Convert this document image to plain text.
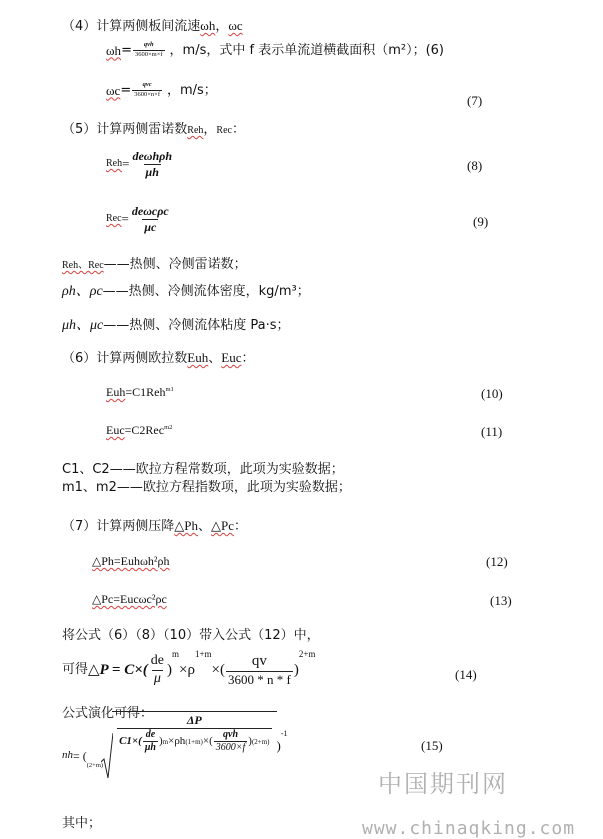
（4）计算两侧板间流速ωh，ωc
$\omega h = \frac{\text{qvh}}{3600\times m\times f}$ ，m/s，式中 f 表示单流道横截面积（m²）；(6)
$\omega c = \frac{\text{qvc}}{3600\times n\times f}$ ，m/s；
(7)
（5）计算两侧雷诺数Reh，Rec：
Reh = $\frac{\text{deωhρh}}{\mu h}$	(8)
Rec = $\frac{\text{deωcρc}}{\mu c}$	(9)
Reh、Rec——热侧、冷侧雷诺数；
ρh、ρc——热侧、冷侧流体密度，kg/m³；
μh、μc——热侧、冷侧流体粘度 Pa·s；
（6）计算两侧欧拉数Euh、Euc：
Euh=C1Reh$^{m1}$	(10)
Euc=C2Rec$^{m2}$	(11)
C1、C2——欧拉方程常数项，此项为实验数据；
m1、m2——欧拉方程指数项，此项为实验数据；
（7）计算两侧压降△Ph、△Pc：
△Ph=Euhωh²ρh	(12)
△Pc=Eucωc²ρc	(13)
将公式（6）（8）（10）带入公式（12）中，
可得 △P = $C\times( \frac{de}{\mu}$ )
m
×ρ
1+m
×( $\frac{qv}{3600 * n * f}$ )
2+m
(14)
公式演化可得：
nh = (
(2+m)
ΔP
$C1\times( \frac{de}{\mu h}$ ) m ×ρh (1+m) ×( $\frac{\text{qvh}}{3600\times f}$ ) (2+m) )
-1
(15)
中国期刊网
www.chinaqking.com
其中；
